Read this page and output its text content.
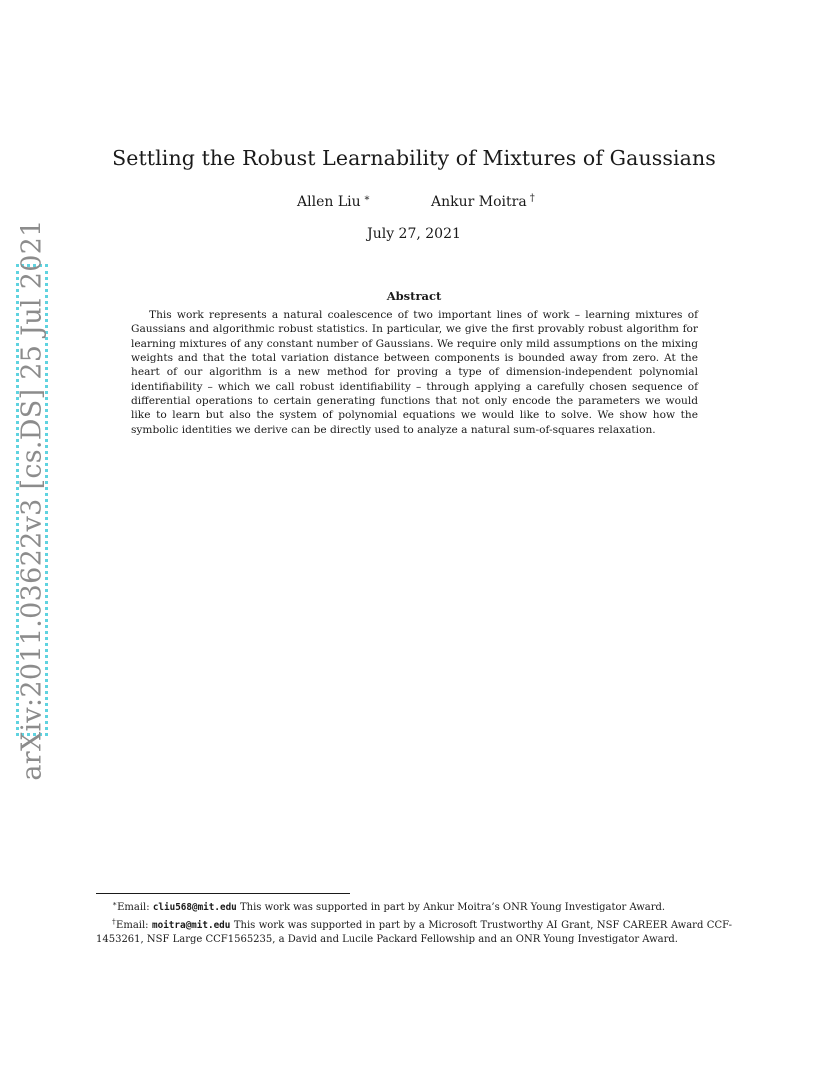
arXiv:2011.03622v3 [cs.DS] 25 Jul 2021
Settling the Robust Learnability of Mixtures of Gaussians
Allen Liu ∗	Ankur Moitra †
July 27, 2021
Abstract

This work represents a natural coalescence of two important lines of work – learning mixtures of Gaussians and algorithmic robust statistics. In particular, we give the first provably robust algorithm for learning mixtures of any constant number of Gaussians. We require only mild assumptions on the mixing weights and that the total variation distance between components is bounded away from zero. At the heart of our algorithm is a new method for proving a type of dimension-independent polynomial identifiability – which we call robust identifiability – through applying a carefully chosen sequence of differential operations to certain generating functions that not only encode the parameters we would like to learn but also the system of polynomial equations we would like to solve. We show how the symbolic identities we derive can be directly used to analyze a natural sum-of-squares relaxation.

∗Email: cliu568@mit.edu This work was supported in part by Ankur Moitra’s ONR Young Investigator Award.

†Email: moitra@mit.edu This work was supported in part by a Microsoft Trustworthy AI Grant, NSF CAREER Award CCF-1453261, NSF Large CCF1565235, a David and Lucile Packard Fellowship and an ONR Young Investigator Award.
